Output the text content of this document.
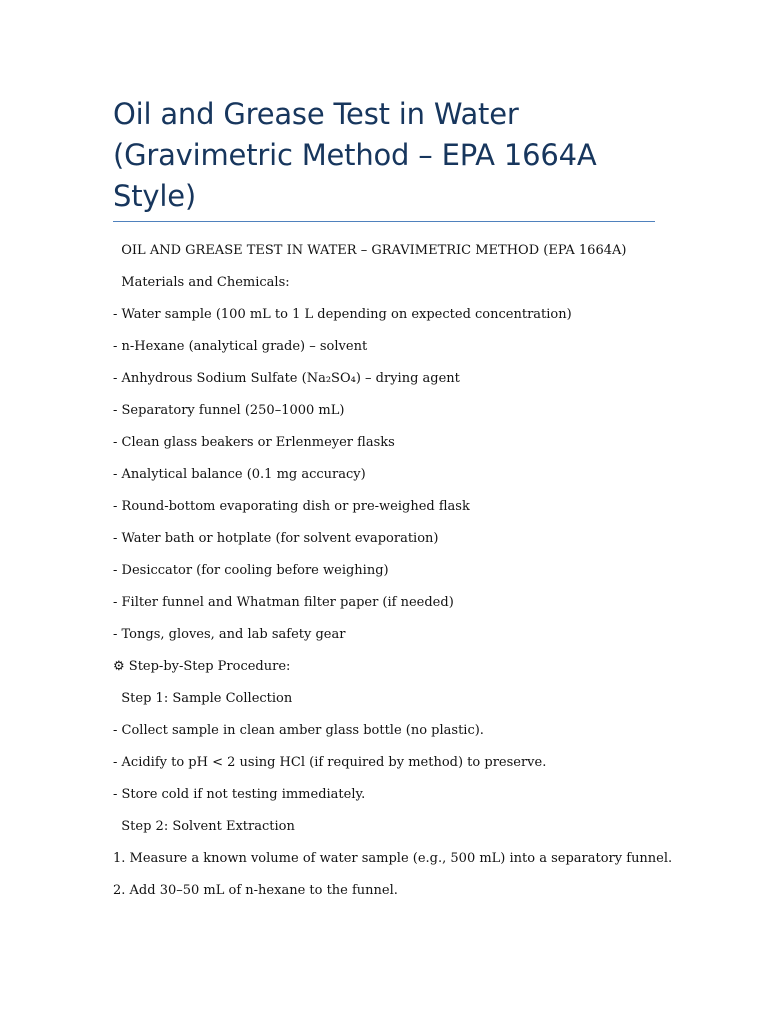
Oil and Grease Test in Water (Gravimetric Method – EPA 1664A Style)
OIL AND GREASE TEST IN WATER – GRAVIMETRIC METHOD (EPA 1664A)
Materials and Chemicals:
- Water sample (100 mL to 1 L depending on expected concentration)
- n-Hexane (analytical grade) – solvent
- Anhydrous Sodium Sulfate (Na₂SO₄) – drying agent
- Separatory funnel (250–1000 mL)
- Clean glass beakers or Erlenmeyer flasks
- Analytical balance (0.1 mg accuracy)
- Round-bottom evaporating dish or pre-weighed flask
- Water bath or hotplate (for solvent evaporation)
- Desiccator (for cooling before weighing)
- Filter funnel and Whatman filter paper (if needed)
- Tongs, gloves, and lab safety gear
⚙ Step-by-Step Procedure:
Step 1: Sample Collection
- Collect sample in clean amber glass bottle (no plastic).
- Acidify to pH < 2 using HCl (if required by method) to preserve.
- Store cold if not testing immediately.
Step 2: Solvent Extraction
1. Measure a known volume of water sample (e.g., 500 mL) into a separatory funnel.
2. Add 30–50 mL of n-hexane to the funnel.
